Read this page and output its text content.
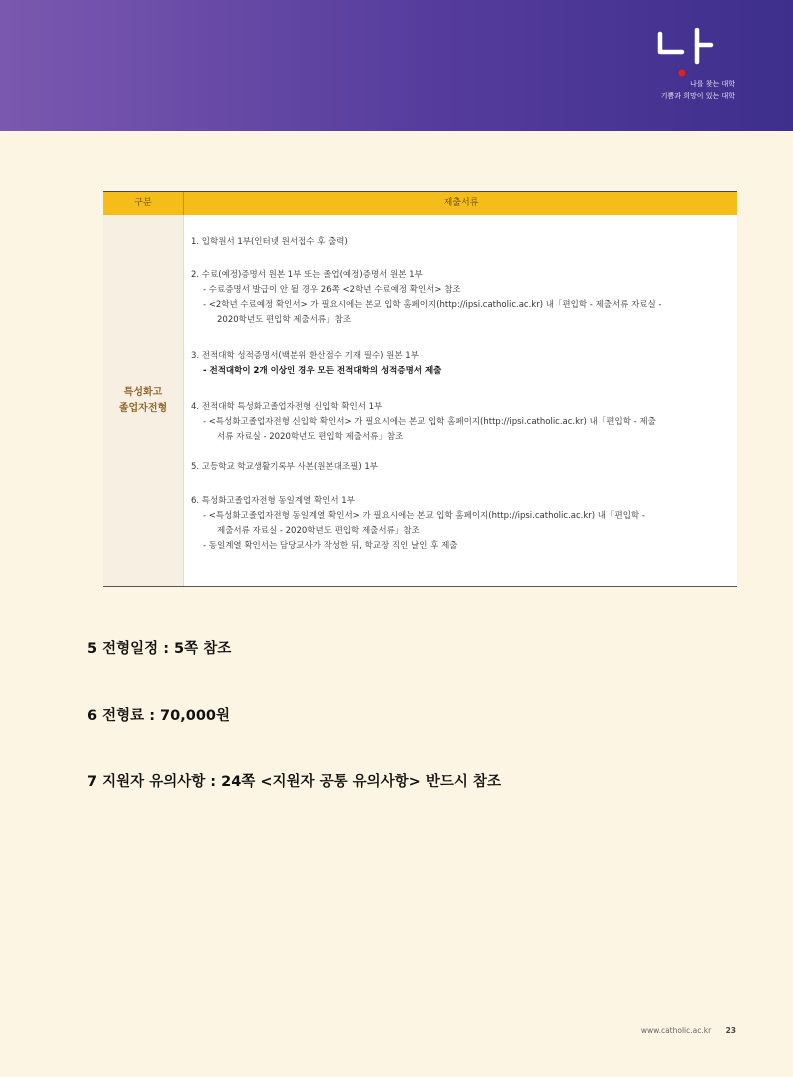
나를 찾는 대학
기쁨과 희망이 있는 대학
구분	제출서류
특성화고
졸업자전형
1. 입학원서 1부(인터넷 원서접수 후 출력)
2. 수료(예정)증명서 원본 1부 또는 졸업(예정)증명서 원본 1부
- 수료증명서 발급이 안 될 경우 26쪽 <2학년 수료예정 확인서> 참조
- <2학년 수료예정 확인서> 가 필요시에는 본교 입학 홈페이지(http://ipsi.catholic.ac.kr) 내「편입학 - 제출서류 자료실 -
2020학년도 편입학 제출서류」참조
3. 전적대학 성적증명서(백분위 환산점수 기재 필수) 원본 1부
- 전적대학이 2개 이상인 경우 모든 전적대학의 성적증명서 제출
4. 전적대학 특성화고졸업자전형 신입학 확인서 1부
- <특성화고졸업자전형 신입학 확인서> 가 필요시에는 본교 입학 홈페이지(http://ipsi.catholic.ac.kr) 내「편입학 - 제출
서류 자료실 - 2020학년도 편입학 제출서류」참조
5. 고등학교 학교생활기록부 사본(원본대조필) 1부
6. 특성화고졸업자전형 동일계열 확인서 1부
- <특성화고졸업자전형 동일계열 확인서> 가 필요시에는 본교 입학 홈페이지(http://ipsi.catholic.ac.kr) 내「편입학 -
제출서류 자료실 - 2020학년도 편입학 제출서류」참조
- 동일계열 확인서는 담당교사가 작성한 뒤, 학교장 직인 날인 후 제출
5 전형일정 : 5쪽 참조
6 전형료 : 70,000원
7 지원자 유의사항 : 24쪽 <지원자 공통 유의사항> 반드시 참조
www.catholic.ac.kr 23
